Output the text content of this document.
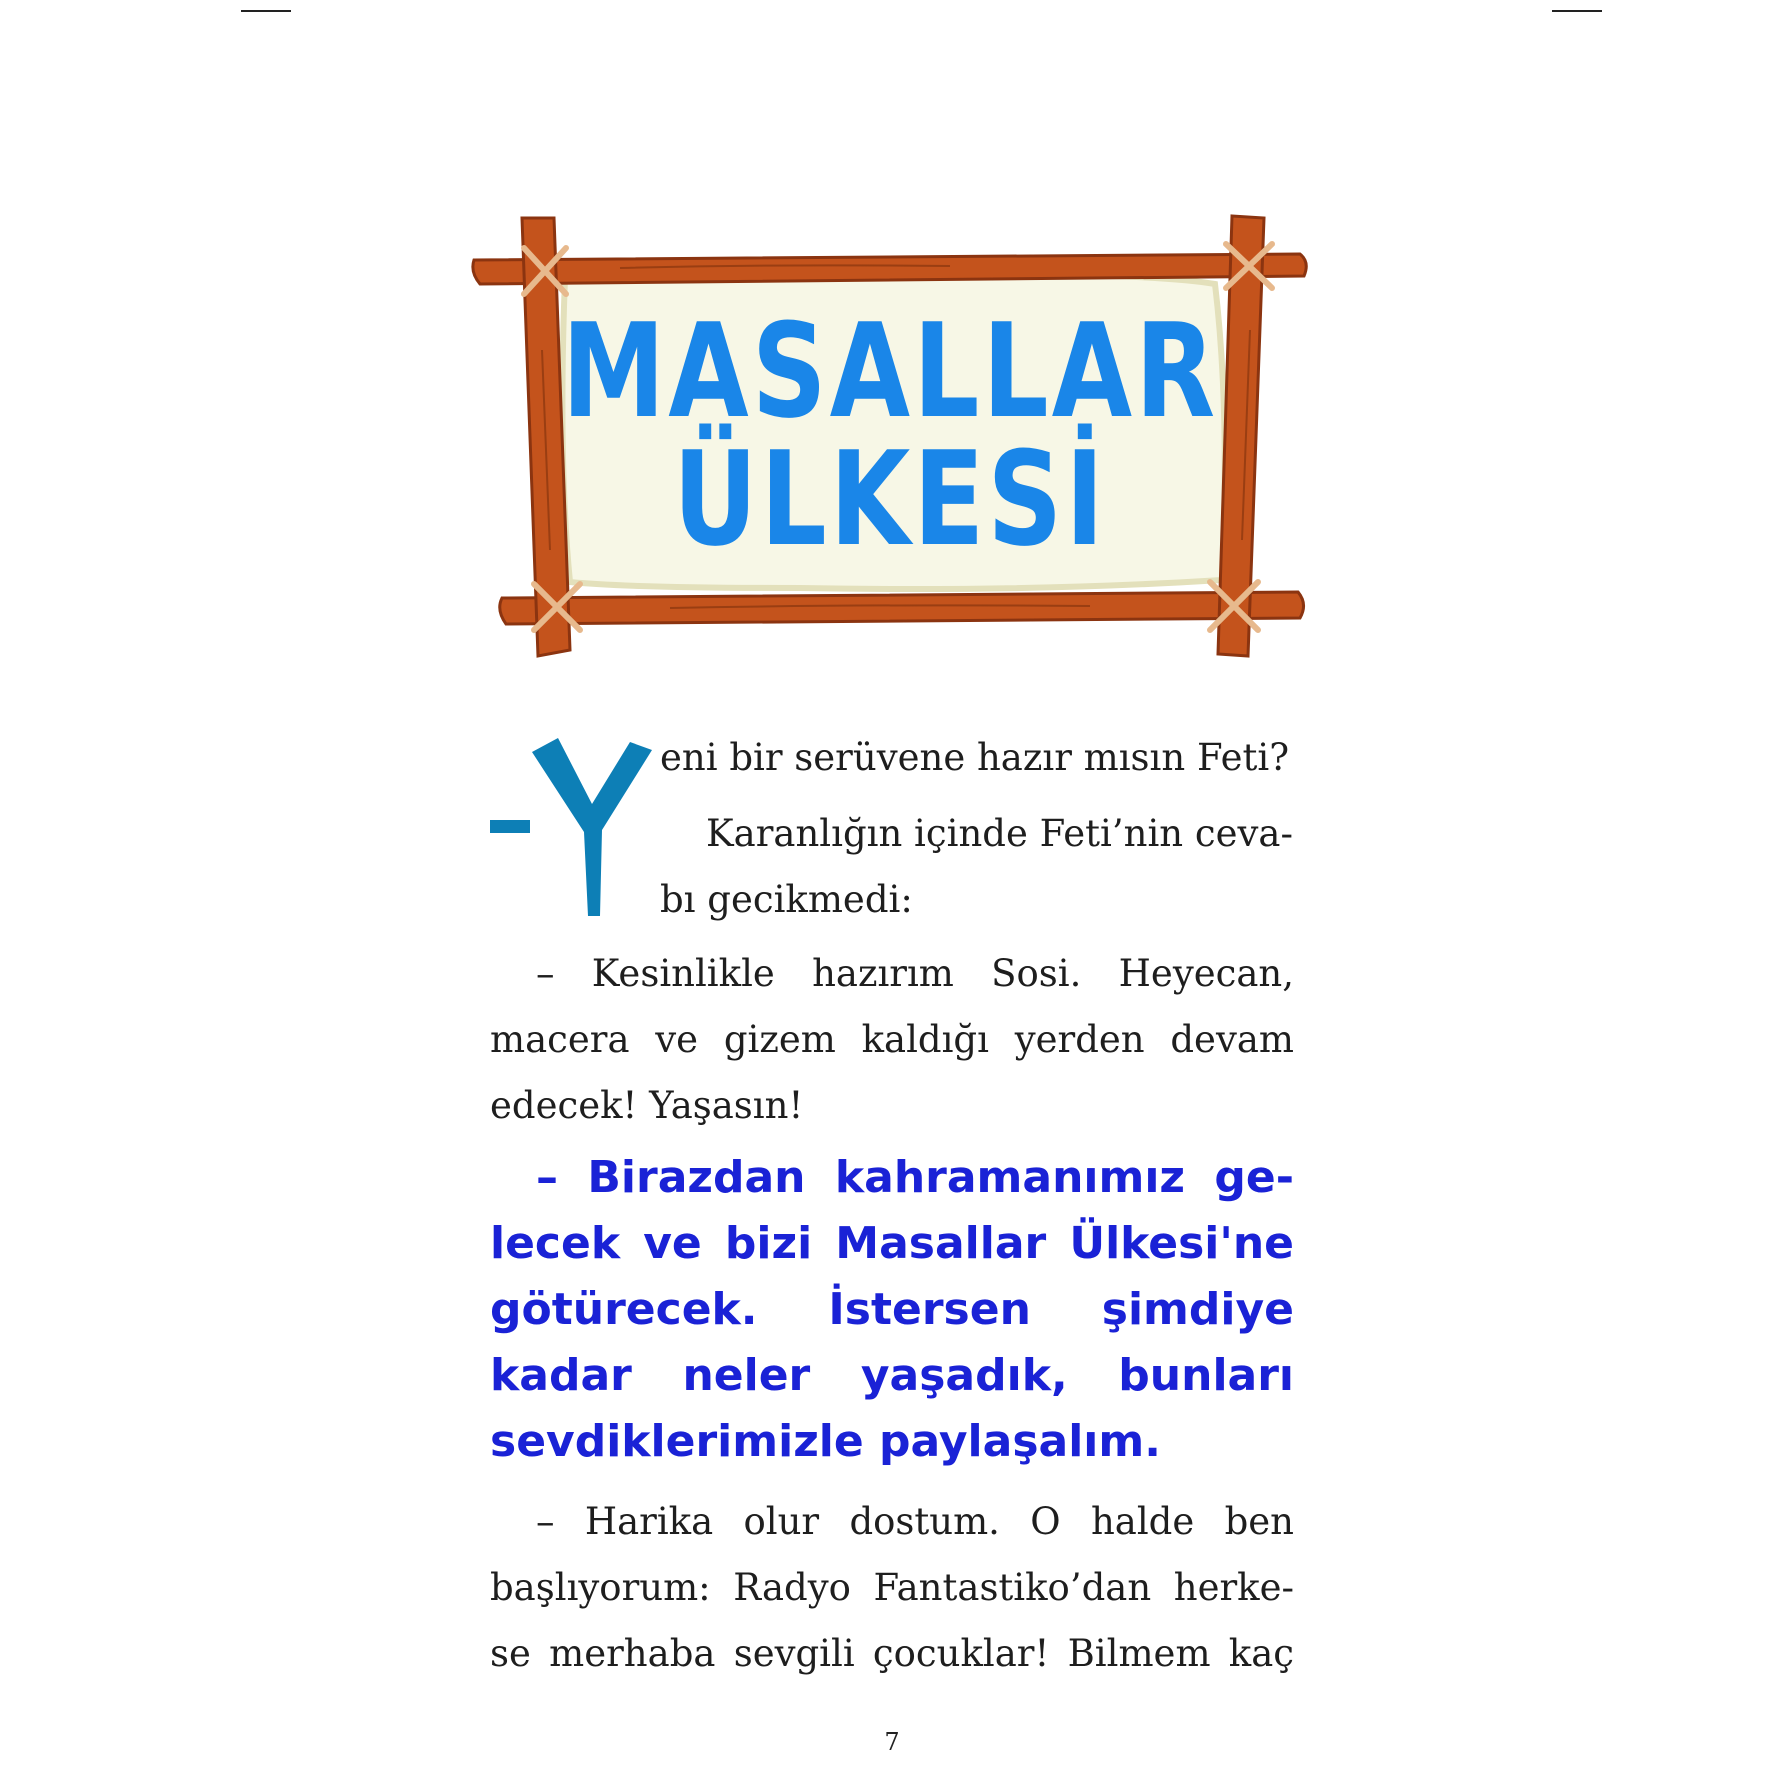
MASALLAR
ÜLKESİ
eni bir serüvene hazır mısın Feti?
Karanlığın içinde Feti’nin ceva-
bı gecikmedi:
– Kesinlikle hazırım Sosi. Heyecan,
macera ve gizem kaldığı yerden devam
edecek! Yaşasın!
– Birazdan kahramanımız ge-
lecek ve bizi Masallar Ülkesi'ne
götürecek. İstersen şimdiye
kadar neler yaşadık, bunları
sevdiklerimizle paylaşalım.
– Harika olur dostum. O halde ben
başlıyorum: Radyo Fantastiko’dan herke-
se merhaba sevgili çocuklar! Bilmem kaç
7
